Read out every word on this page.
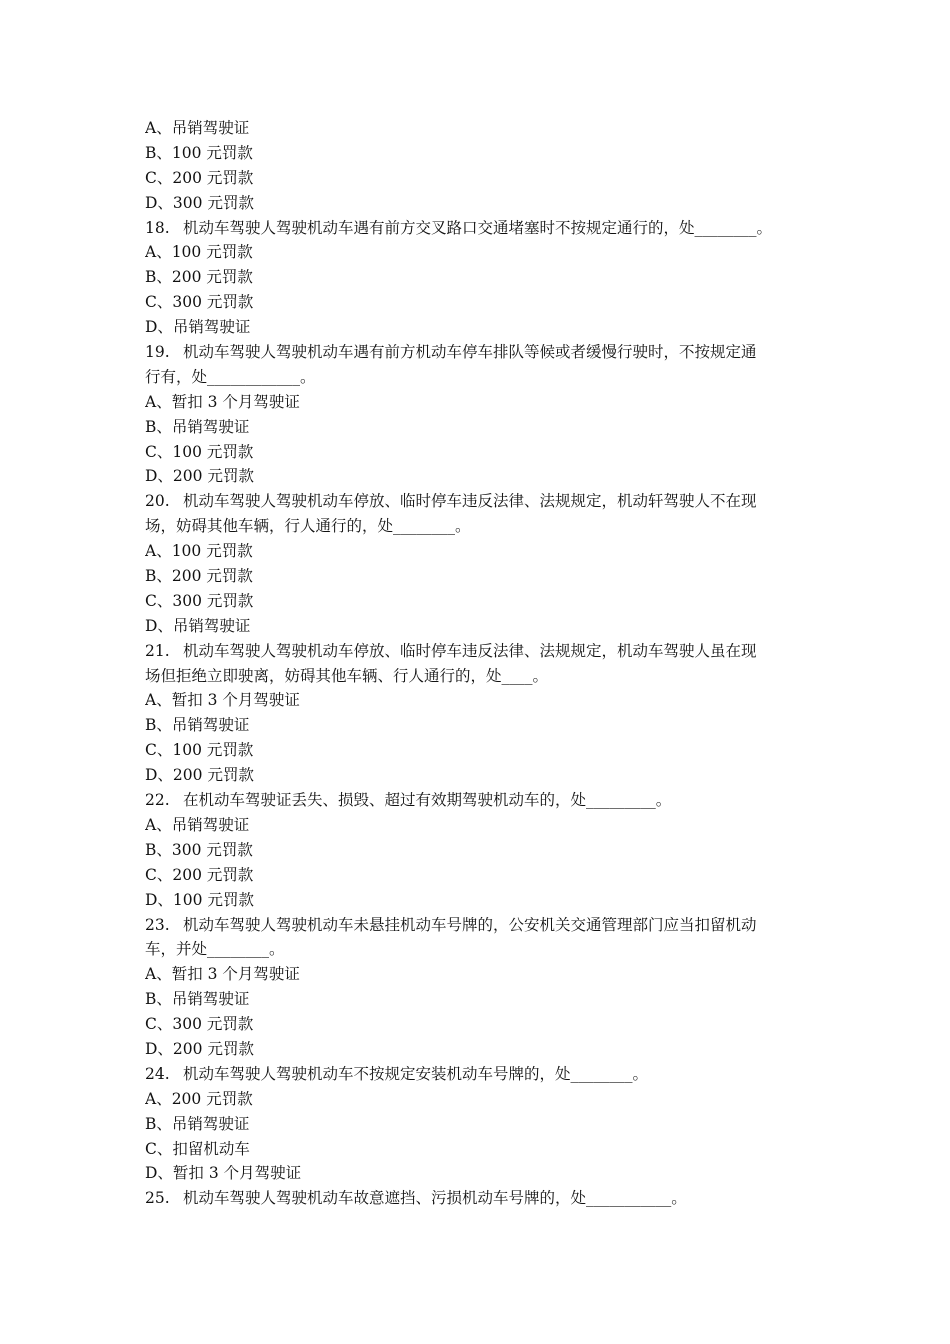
A、吊销驾驶证
B、100 元罚款
C、200 元罚款
D、300 元罚款
18. 机动车驾驶人驾驶机动车遇有前方交叉路口交通堵塞时不按规定通行的，处________。
A、100 元罚款
B、200 元罚款
C、300 元罚款
D、吊销驾驶证
19. 机动车驾驶人驾驶机动车遇有前方机动车停车排队等候或者缓慢行驶时，不按规定通
行有，处____________。
A、暂扣 3 个月驾驶证
B、吊销驾驶证
C、100 元罚款
D、200 元罚款
20. 机动车驾驶人驾驶机动车停放、临时停车违反法律、法规规定，机动轩驾驶人不在现
场，妨碍其他车辆，行人通行的，处________。
A、100 元罚款
B、200 元罚款
C、300 元罚款
D、吊销驾驶证
21. 机动车驾驶人驾驶机动车停放、临时停车违反法律、法规规定，机动车驾驶人虽在现
场但拒绝立即驶离，妨碍其他车辆、行人通行的，处____。
A、暂扣 3 个月驾驶证
B、吊销驾驶证
C、100 元罚款
D、200 元罚款
22. 在机动车驾驶证丢失、损毁、超过有效期驾驶机动车的，处_________。
A、吊销驾驶证
B、300 元罚款
C、200 元罚款
D、100 元罚款
23. 机动车驾驶人驾驶机动车未悬挂机动车号牌的，公安机关交通管理部门应当扣留机动
车，并处________。
A、暂扣 3 个月驾驶证
B、吊销驾驶证
C、300 元罚款
D、200 元罚款
24. 机动车驾驶人驾驶机动车不按规定安装机动车号牌的，处________。
A、200 元罚款
B、吊销驾驶证
C、扣留机动车
D、暂扣 3 个月驾驶证
25. 机动车驾驶人驾驶机动车故意遮挡、污损机动车号牌的，处___________。
